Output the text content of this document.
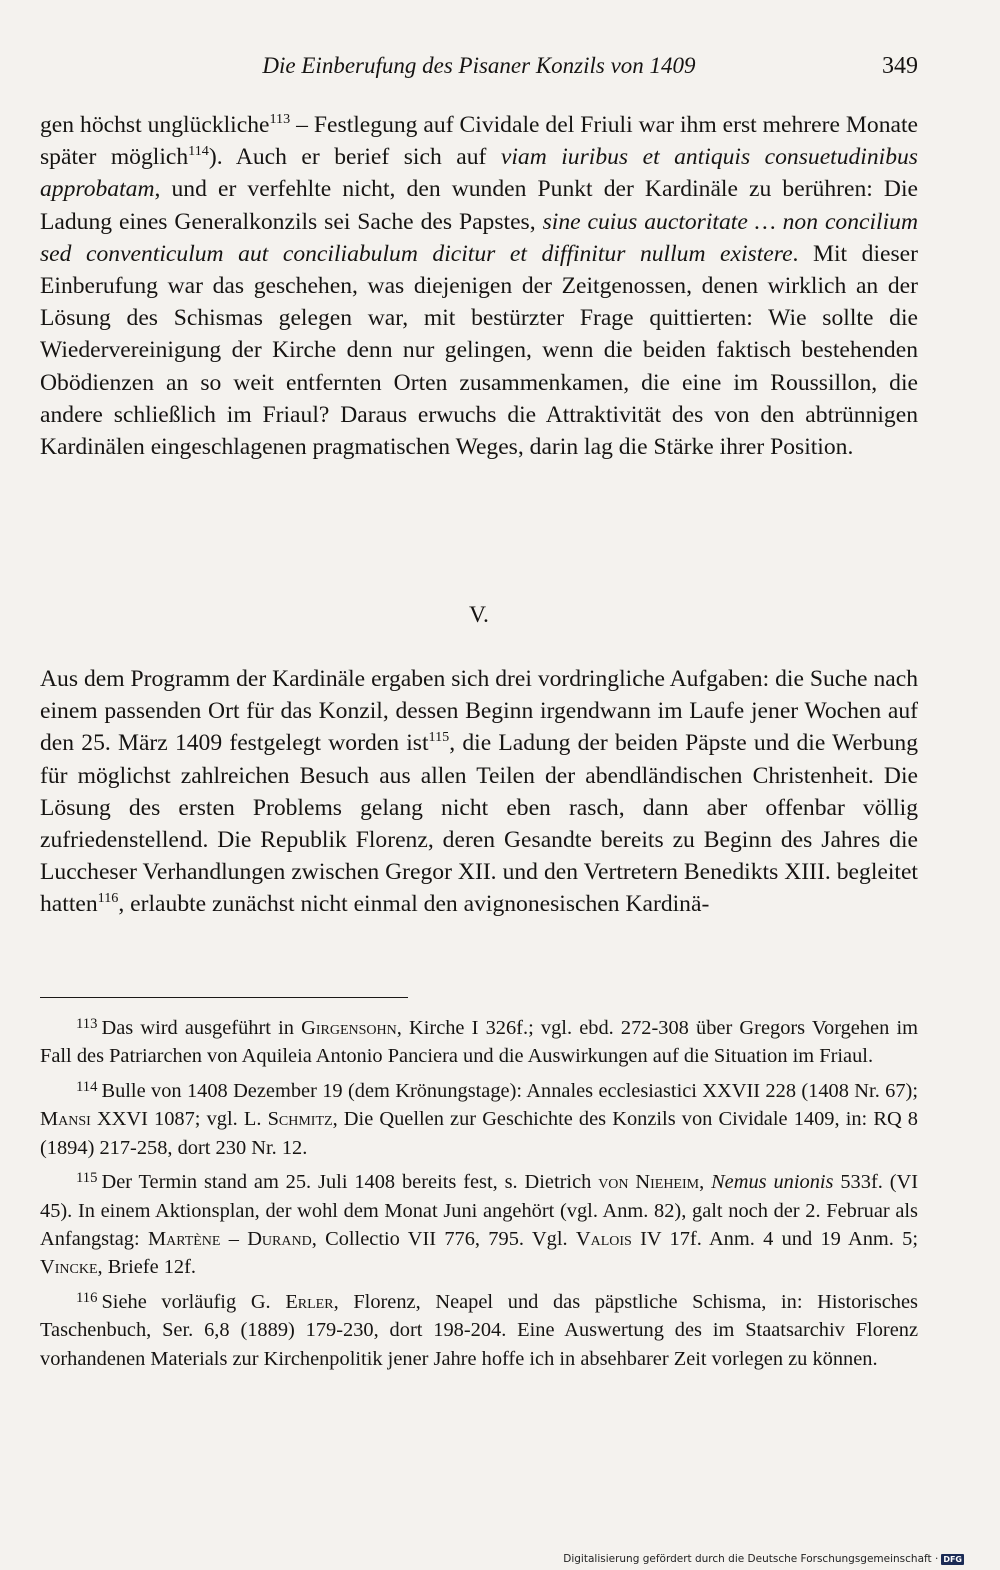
Die Einberufung des Pisaner Konzils von 1409	349

gen höchst unglückliche$^{113}$ – Festlegung auf Cividale del Friuli war ihm erst mehrere Monate später möglich$^{114}$). Auch er berief sich auf viam iuribus et antiquis consuetudinibus approbatam, und er verfehlte nicht, den wunden Punkt der Kardinäle zu berühren: Die Ladung eines Generalkonzils sei Sache des Papstes, sine cuius auctoritate … non concilium sed conventiculum aut conciliabulum dicitur et diffinitur nullum existere. Mit dieser Einberufung war das geschehen, was diejenigen der Zeitgenossen, denen wirklich an der Lösung des Schismas gelegen war, mit bestürzter Frage quittierten: Wie sollte die Wiedervereinigung der Kirche denn nur gelingen, wenn die beiden faktisch bestehenden Obödienzen an so weit entfernten Orten zusammenkamen, die eine im Roussillon, die andere schließlich im Friaul? Daraus erwuchs die Attraktivität des von den abtrünnigen Kardinälen eingeschlagenen pragmatischen Weges, darin lag die Stärke ihrer Position.

V.

Aus dem Programm der Kardinäle ergaben sich drei vordringliche Aufgaben: die Suche nach einem passenden Ort für das Konzil, dessen Beginn irgendwann im Laufe jener Wochen auf den 25. März 1409 festgelegt worden ist$^{115}$, die Ladung der beiden Päpste und die Werbung für möglichst zahlreichen Besuch aus allen Teilen der abendländischen Christenheit. Die Lösung des ersten Problems gelang nicht eben rasch, dann aber offenbar völlig zufriedenstellend. Die Republik Florenz, deren Gesandte bereits zu Beginn des Jahres die Luccheser Verhandlungen zwischen Gregor XII. und den Vertretern Benedikts XIII. begleitet hatten$^{116}$, erlaubte zunächst nicht einmal den avignonesischen Kardinä-

$^{113}$ Das wird ausgeführt in Girgensohn, Kirche I 326f.; vgl. ebd. 272-308 über Gregors Vorgehen im Fall des Patriarchen von Aquileia Antonio Panciera und die Auswirkungen auf die Situation im Friaul.

$^{114}$ Bulle von 1408 Dezember 19 (dem Krönungstage): Annales ecclesiastici XXVII 228 (1408 Nr. 67); Mansi XXVI 1087; vgl. L. Schmitz, Die Quellen zur Geschichte des Konzils von Cividale 1409, in: RQ 8 (1894) 217-258, dort 230 Nr. 12.

$^{115}$ Der Termin stand am 25. Juli 1408 bereits fest, s. Dietrich von Nieheim, Nemus unionis 533f. (VI 45). In einem Aktionsplan, der wohl dem Monat Juni angehört (vgl. Anm. 82), galt noch der 2. Februar als Anfangstag: Martène – Durand, Collectio VII 776, 795. Vgl. Valois IV 17f. Anm. 4 und 19 Anm. 5; Vincke, Briefe 12f.

$^{116}$ Siehe vorläufig G. Erler, Florenz, Neapel und das päpstliche Schisma, in: Historisches Taschenbuch, Ser. 6,8 (1889) 179-230, dort 198-204. Eine Auswertung des im Staatsarchiv Florenz vorhandenen Materials zur Kirchenpolitik jener Jahre hoffe ich in absehbarer Zeit vorlegen zu können.

Digitalisierung gefördert durch die Deutsche Forschungsgemeinschaft · DFG
